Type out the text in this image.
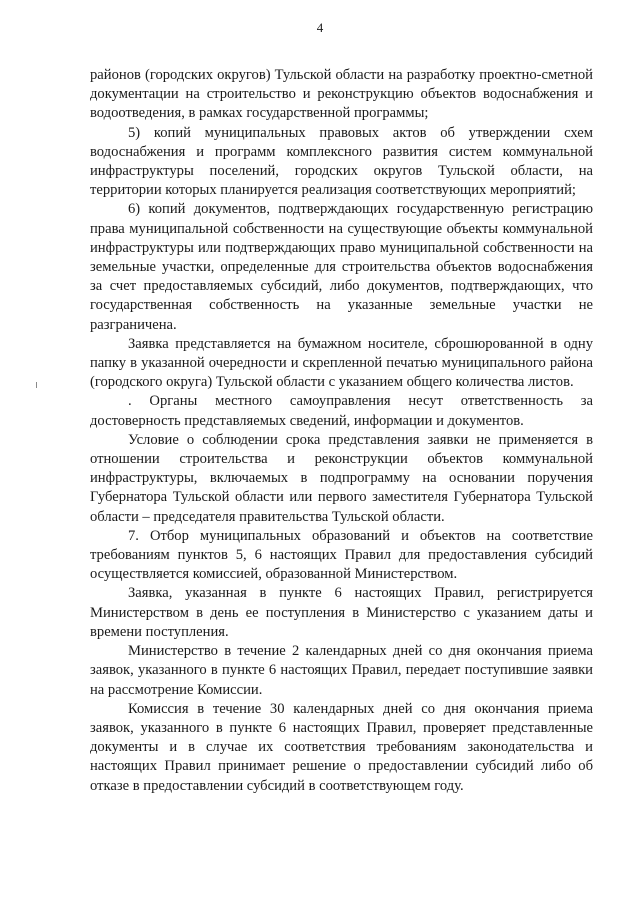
4

районов (городских округов) Тульской области на разработку проектно-сметной документации на строительство и реконструкцию объектов водоснабжения и водоотведения, в рамках государственной программы;

5) копий муниципальных правовых актов об утверждении схем водоснабжения и программ комплексного развития систем коммунальной инфраструктуры поселений, городских округов Тульской области, на территории которых планируется реализация соответствующих мероприятий;

6) копий документов, подтверждающих государственную регистрацию права муниципальной собственности на существующие объекты коммунальной инфраструктуры или подтверждающих право муниципальной собственности на земельные участки, определенные для строительства объектов водоснабжения за счет предоставляемых субсидий, либо документов, подтверждающих, что государственная собственность на указанные земельные участки не разграничена.

Заявка представляется на бумажном носителе, сброшюрованной в одну папку в указанной очередности и скрепленной печатью муниципального района (городского округа) Тульской области с указанием общего количества листов.

. Органы местного самоуправления несут ответственность за достоверность представляемых сведений, информации и документов.

Условие о соблюдении срока представления заявки не применяется в отношении строительства и реконструкции объектов коммунальной инфраструктуры, включаемых в подпрограмму на основании поручения Губернатора Тульской области или первого заместителя Губернатора Тульской области – председателя правительства Тульской области.

7. Отбор муниципальных образований и объектов на соответствие требованиям пунктов 5, 6 настоящих Правил для предоставления субсидий осуществляется комиссией, образованной Министерством.

Заявка, указанная в пункте 6 настоящих Правил, регистрируется Министерством в день ее поступления в Министерство с указанием даты и времени поступления.

Министерство в течение 2 календарных дней со дня окончания приема заявок, указанного в пункте 6 настоящих Правил, передает поступившие заявки на рассмотрение Комиссии.

Комиссия в течение 30 календарных дней со дня окончания приема заявок, указанного в пункте 6 настоящих Правил, проверяет представленные документы и в случае их соответствия требованиям законодательства и настоящих Правил принимает решение о предоставлении субсидий либо об отказе в предоставлении субсидий в соответствующем году.
